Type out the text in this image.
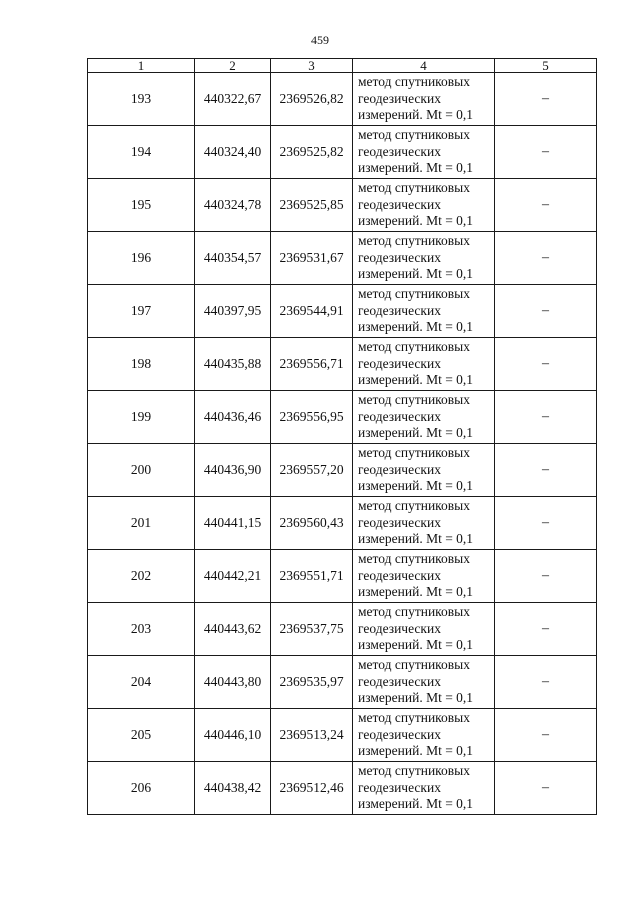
459
1	2	3	4	5
193	440322,67	2369526,82	метод спутниковых
геодезических
измерений. Mt = 0,1	–
194	440324,40	2369525,82	метод спутниковых
геодезических
измерений. Mt = 0,1	–
195	440324,78	2369525,85	метод спутниковых
геодезических
измерений. Mt = 0,1	–
196	440354,57	2369531,67	метод спутниковых
геодезических
измерений. Mt = 0,1	–
197	440397,95	2369544,91	метод спутниковых
геодезических
измерений. Mt = 0,1	–
198	440435,88	2369556,71	метод спутниковых
геодезических
измерений. Mt = 0,1	–
199	440436,46	2369556,95	метод спутниковых
геодезических
измерений. Mt = 0,1	–
200	440436,90	2369557,20	метод спутниковых
геодезических
измерений. Mt = 0,1	–
201	440441,15	2369560,43	метод спутниковых
геодезических
измерений. Mt = 0,1	–
202	440442,21	2369551,71	метод спутниковых
геодезических
измерений. Mt = 0,1	–
203	440443,62	2369537,75	метод спутниковых
геодезических
измерений. Mt = 0,1	–
204	440443,80	2369535,97	метод спутниковых
геодезических
измерений. Mt = 0,1	–
205	440446,10	2369513,24	метод спутниковых
геодезических
измерений. Mt = 0,1	–
206	440438,42	2369512,46	метод спутниковых
геодезических
измерений. Mt = 0,1	–
